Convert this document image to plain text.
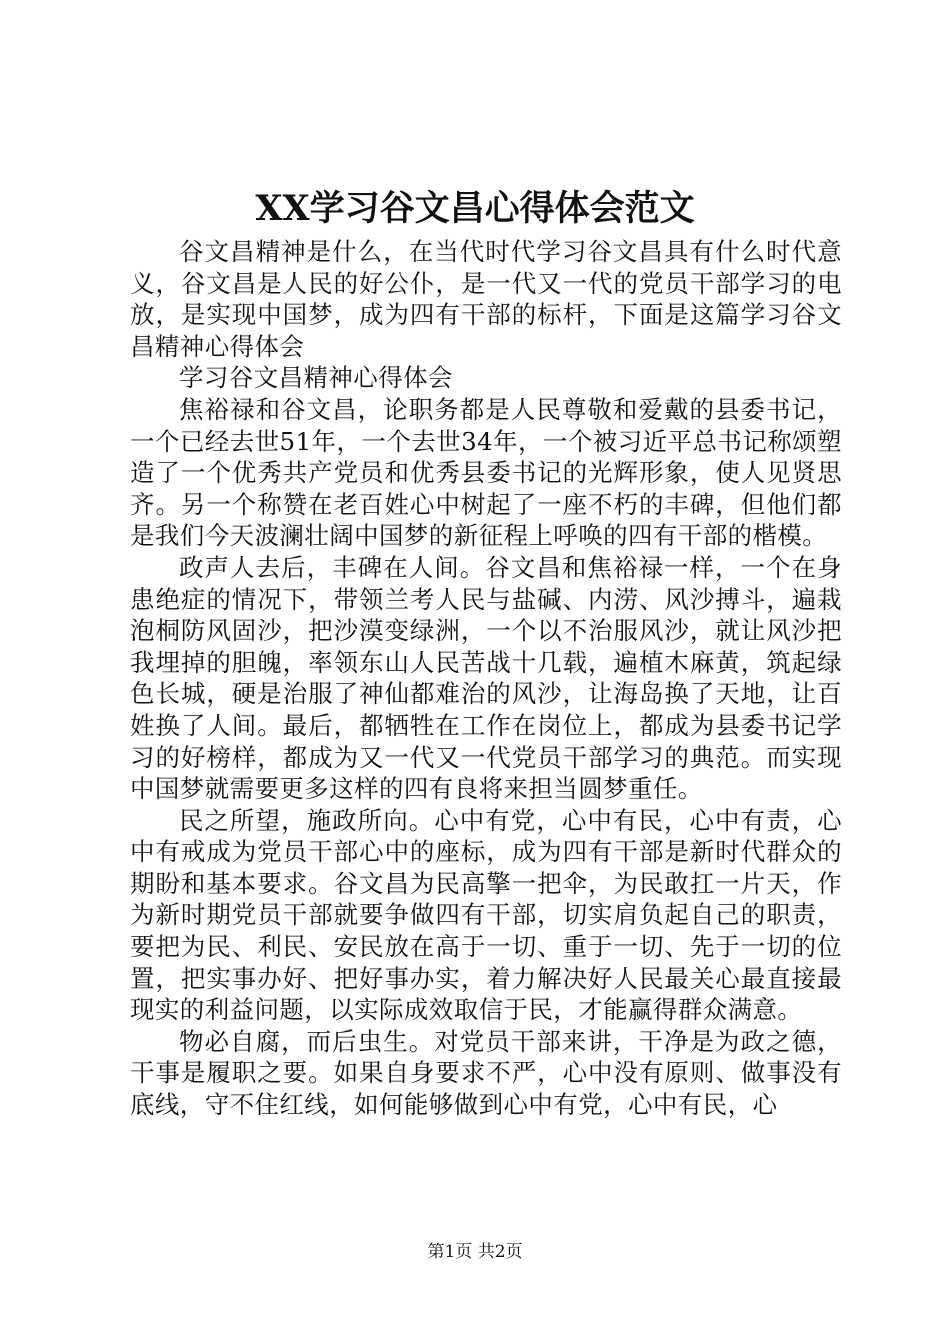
XX学习谷文昌心得体会范文

谷文昌精神是什么，在当代时代学习谷文昌具有什么时代意义，谷文昌是人民的好公仆，是一代又一代的党员干部学习的电放，是实现中国梦，成为四有干部的标杆，下面是这篇学习谷文昌精神心得体会

学习谷文昌精神心得体会

焦裕禄和谷文昌，论职务都是人民尊敬和爱戴的县委书记，一个已经去世51年，一个去世34年，一个被习近平总书记称颂塑造了一个优秀共产党员和优秀县委书记的光辉形象，使人见贤思齐。另一个称赞在老百姓心中树起了一座不朽的丰碑，但他们都是我们今天波澜壮阔中国梦的新征程上呼唤的四有干部的楷模。

政声人去后，丰碑在人间。谷文昌和焦裕禄一样，一个在身患绝症的情况下，带领兰考人民与盐碱、内涝、风沙搏斗，遍栽泡桐防风固沙，把沙漠变绿洲，一个以不治服风沙，就让风沙把我埋掉的胆魄，率领东山人民苦战十几载，遍植木麻黄，筑起绿色长城，硬是治服了神仙都难治的风沙，让海岛换了天地，让百姓换了人间。最后，都牺牲在工作在岗位上，都成为县委书记学习的好榜样，都成为又一代又一代党员干部学习的典范。而实现中国梦就需要更多这样的四有良将来担当圆梦重任。

民之所望，施政所向。心中有党，心中有民，心中有责，心中有戒成为党员干部心中的座标，成为四有干部是新时代群众的期盼和基本要求。谷文昌为民高擎一把伞，为民敢扛一片天，作为新时期党员干部就要争做四有干部，切实肩负起自己的职责，要把为民、利民、安民放在高于一切、重于一切、先于一切的位置，把实事办好、把好事办实，着力解决好人民最关心最直接最现实的利益问题，以实际成效取信于民，才能赢得群众满意。

物必自腐，而后虫生。对党员干部来讲，干净是为政之德，干事是履职之要。如果自身要求不严，心中没有原则、做事没有底线，守不住红线，如何能够做到心中有党，心中有民，心

第1页 共2页
